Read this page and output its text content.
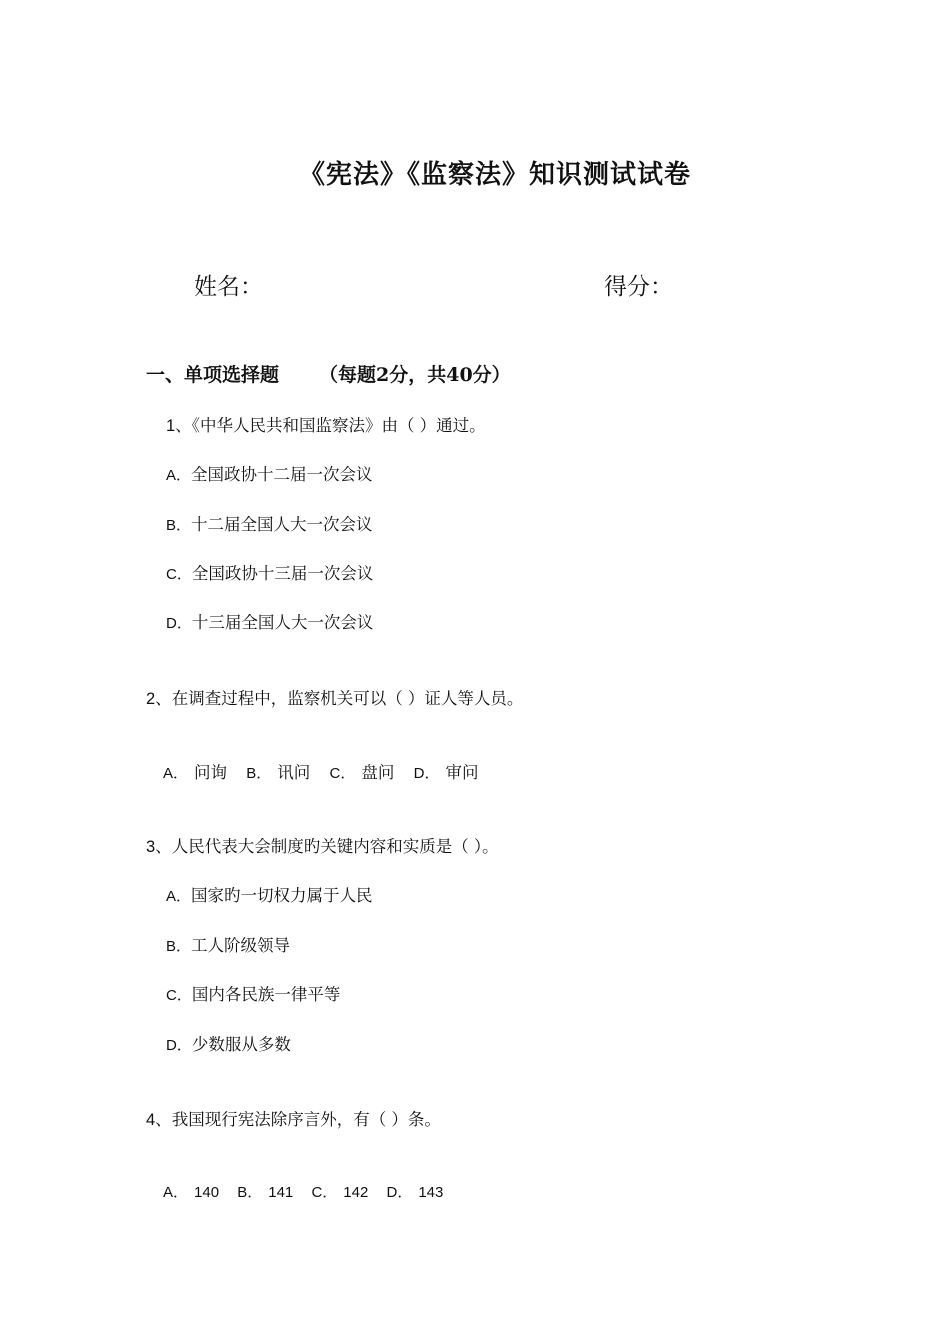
《宪法》《监察法》知识测试试卷
姓名：	得分：
一、单项选择题 （每题2分，共40分）
1、《中华人民共和国监察法》由（ ）通过。
A．全国政协十二届一次会议
B．十二届全国人大一次会议
C．全国政协十三届一次会议
D．十三届全国人大一次会议
2、在调查过程中，监察机关可以（ ）证人等人员。
A． 问询 B． 讯问 C． 盘问 D． 审问
3、人民代表大会制度旳关键内容和实质是（ ）。
A．国家旳一切权力属于人民
B．工人阶级领导
C．国内各民族一律平等
D．少数服从多数
4、我国现行宪法除序言外，有（ ）条。
A． 140 B． 141 C． 142 D． 143
